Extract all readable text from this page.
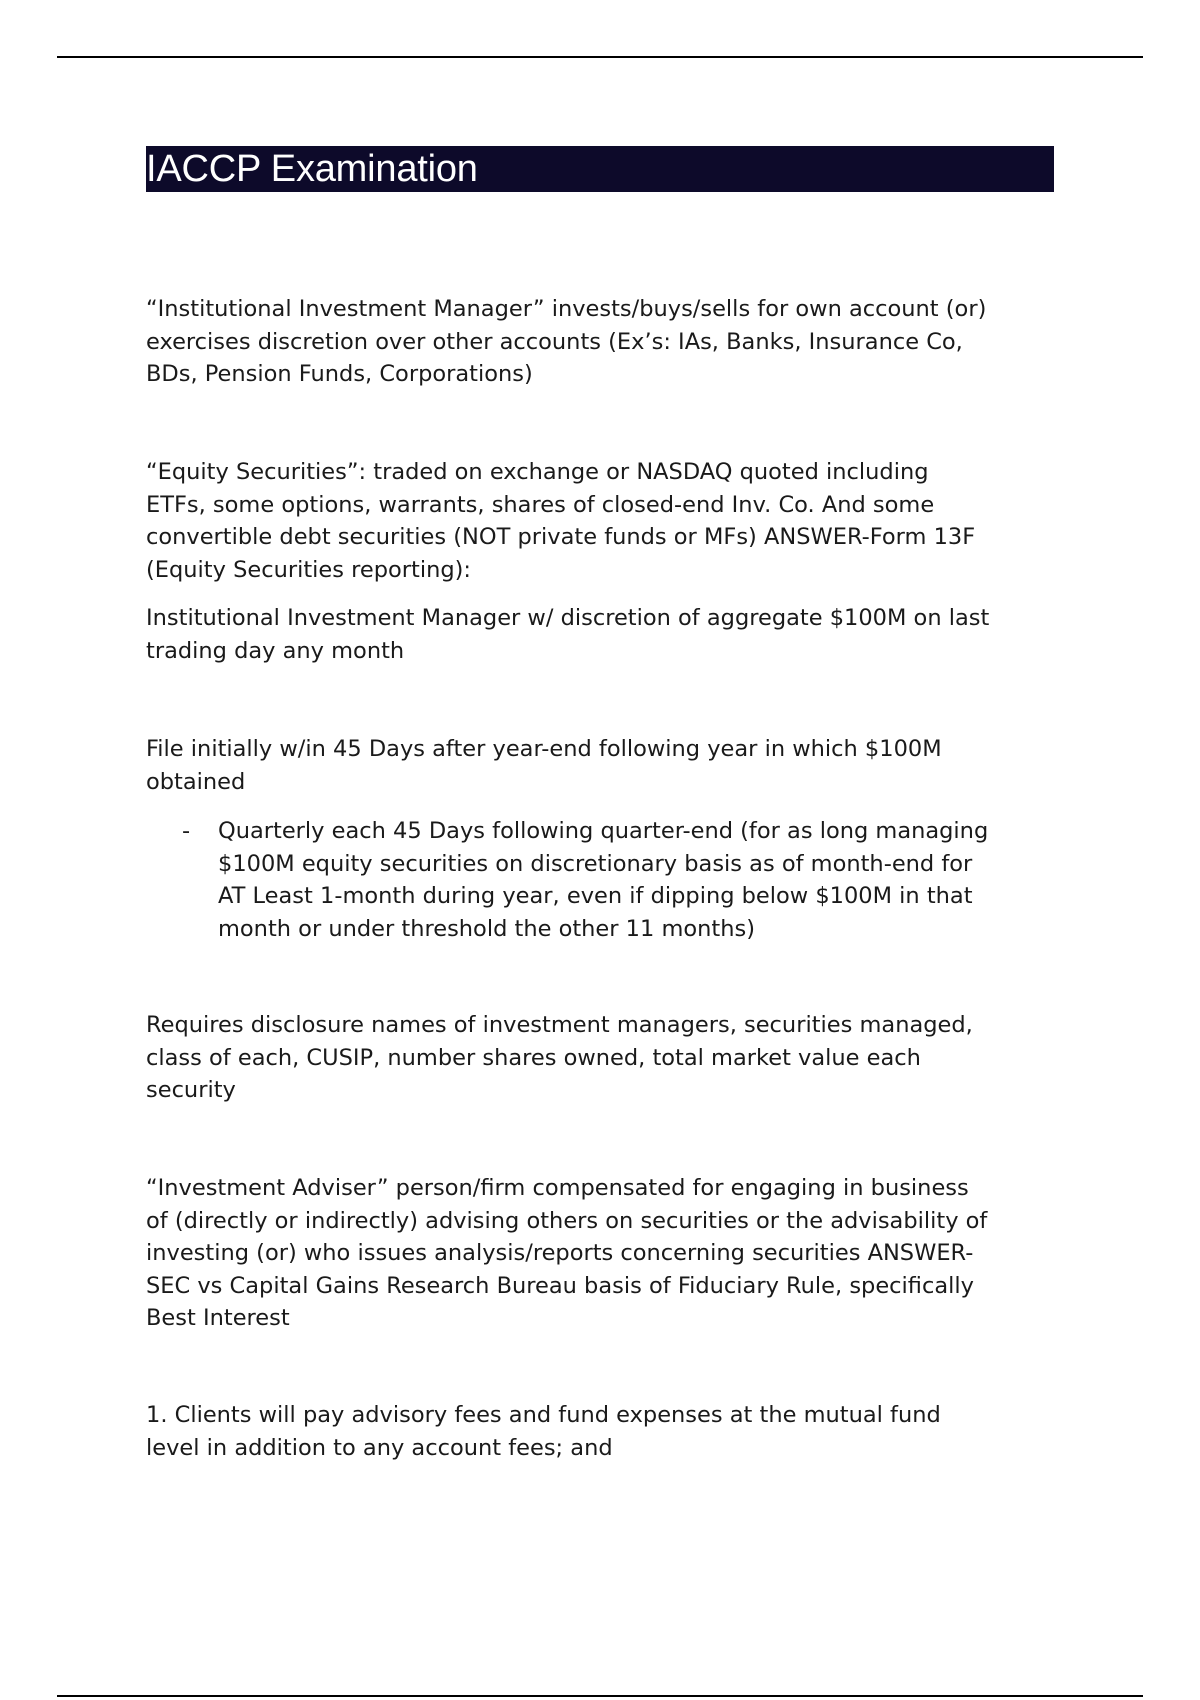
IACCP Examination

“Institutional Investment Manager” invests/buys/sells for own account (or)
exercises discretion over other accounts (Ex’s: IAs, Banks, Insurance Co,
BDs, Pension Funds, Corporations)

“Equity Securities”: traded on exchange or NASDAQ quoted including
ETFs, some options, warrants, shares of closed-end Inv. Co. And some
convertible debt securities (NOT private funds or MFs) ANSWER-Form 13F
(Equity Securities reporting):

Institutional Investment Manager w/ discretion of aggregate $100M on last
trading day any month

File initially w/in 45 Days after year-end following year in which $100M
obtained

- Quarterly each 45 Days following quarter-end (for as long managing
$100M equity securities on discretionary basis as of month-end for
AT Least 1-month during year, even if dipping below $100M in that
month or under threshold the other 11 months)

Requires disclosure names of investment managers, securities managed,
class of each, CUSIP, number shares owned, total market value each
security

“Investment Adviser” person/firm compensated for engaging in business
of (directly or indirectly) advising others on securities or the advisability of
investing (or) who issues analysis/reports concerning securities ANSWER-
SEC vs Capital Gains Research Bureau basis of Fiduciary Rule, specifically
Best Interest

1. Clients will pay advisory fees and fund expenses at the mutual fund
level in addition to any account fees; and
